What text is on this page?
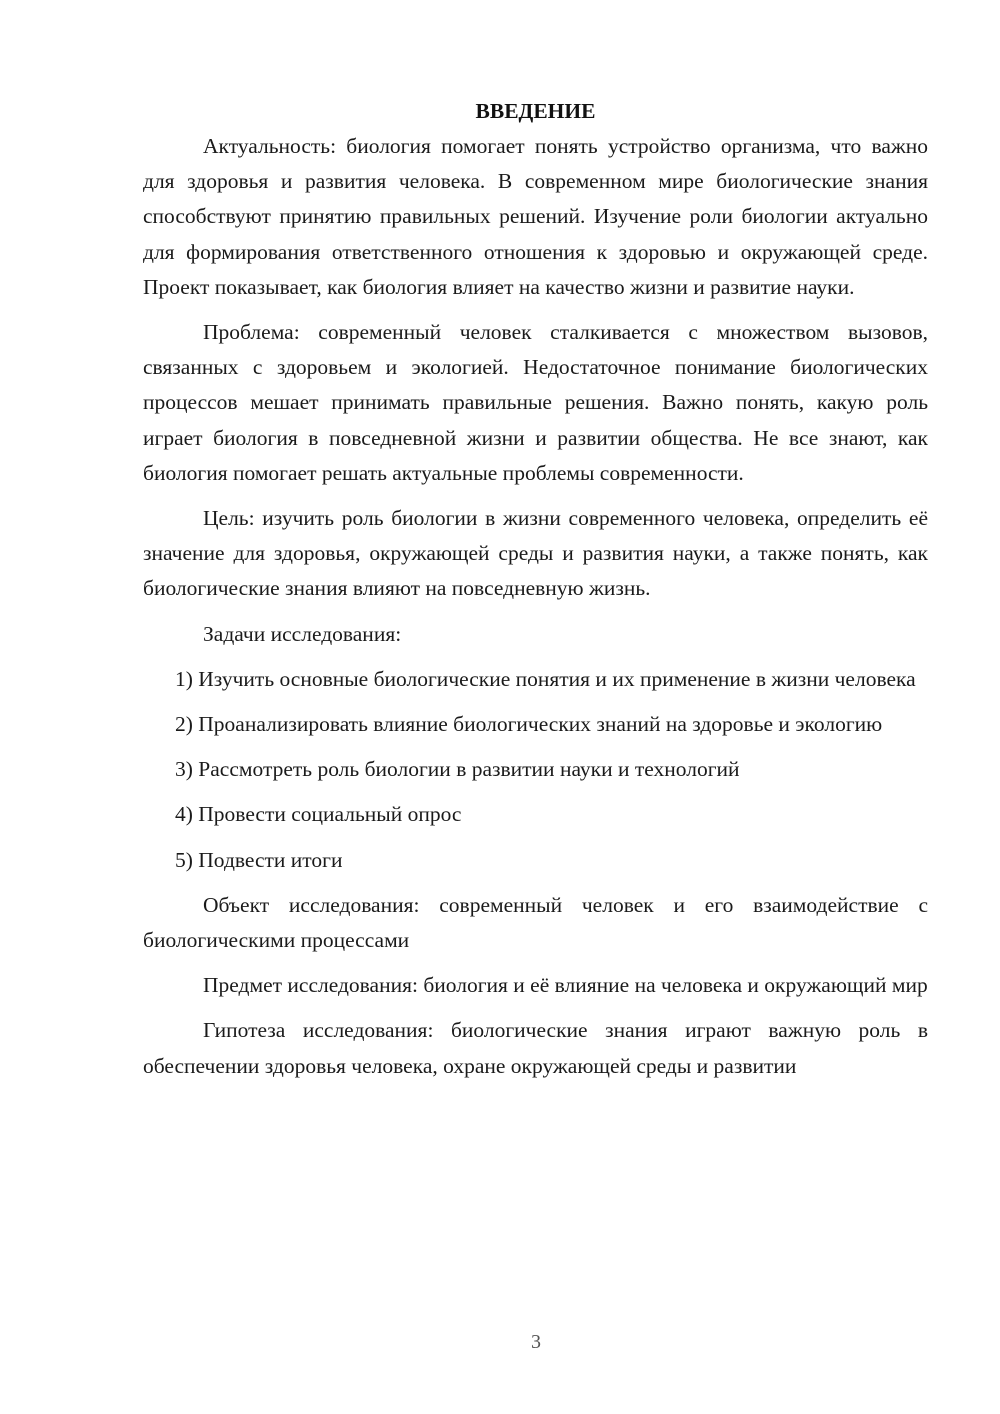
ВВЕДЕНИЕ

Актуальность: биология помогает понять устройство организма, что важно для здоровья и развития человека. В современном мире биологические знания способствуют принятию правильных решений. Изучение роли биологии актуально для формирования ответственного отношения к здоровью и окружающей среде. Проект показывает, как биология влияет на качество жизни и развитие науки.

Проблема: современный человек сталкивается с множеством вызовов, связанных с здоровьем и экологией. Недостаточное понимание биологических процессов мешает принимать правильные решения. Важно понять, какую роль играет биология в повседневной жизни и развитии общества. Не все знают, как биология помогает решать актуальные проблемы современности.

Цель: изучить роль биологии в жизни современного человека, определить её значение для здоровья, окружающей среды и развития науки, а также понять, как биологические знания влияют на повседневную жизнь.

Задачи исследования:

1) Изучить основные биологические понятия и их применение в жизни человека

2) Проанализировать влияние биологических знаний на здоровье и экологию

3) Рассмотреть роль биологии в развитии науки и технологий

4) Провести социальный опрос

5) Подвести итоги

Объект исследования: современный человек и его взаимодействие с биологическими процессами

Предмет исследования: биология и её влияние на человека и окружающий мир

Гипотеза исследования: биологические знания играют важную роль в обеспечении здоровья человека, охране окружающей среды и развитии

3
